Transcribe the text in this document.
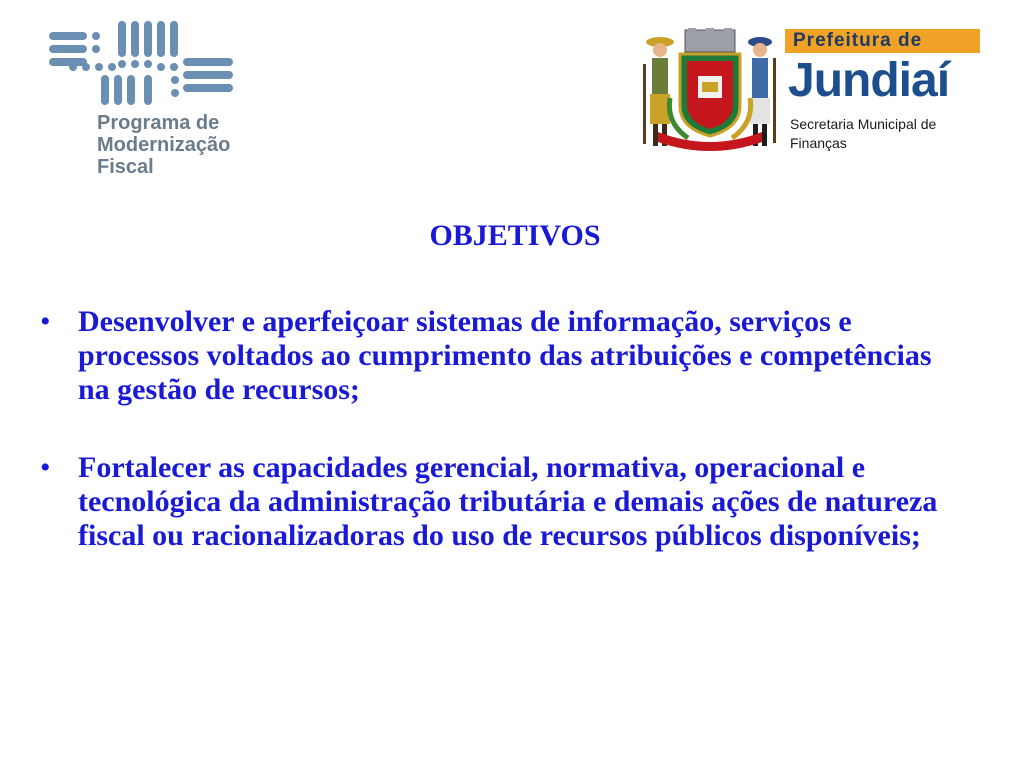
Programa de
Modernização
Fiscal
Prefeitura de
Jundiaí
Secretaria Municipal de
Finanças
OBJETIVOS
• Desenvolver e aperfeiçoar sistemas de informação, serviços e processos voltados ao cumprimento das atribuições e competências na gestão de recursos;
• Fortalecer as capacidades gerencial, normativa, operacional e tecnológica da administração tributária e demais ações de natureza fiscal ou racionalizadoras do uso de recursos públicos disponíveis;
